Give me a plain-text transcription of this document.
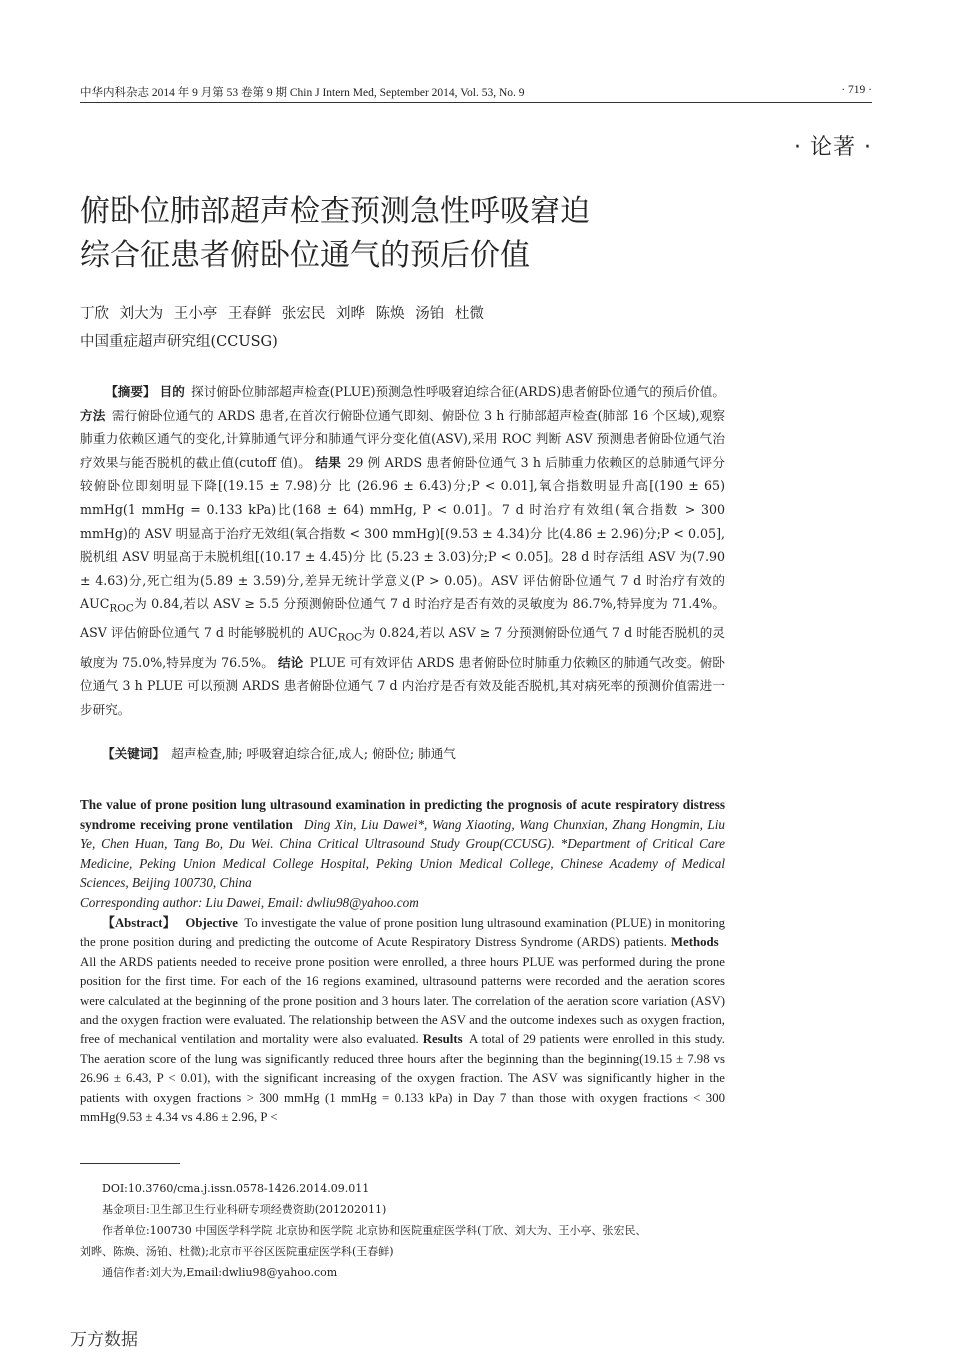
中华内科杂志 2014 年 9 月第 53 卷第 9 期 Chin J Intern Med, September 2014, Vol. 53, No. 9	· 719 ·
· 论著 ·
俯卧位肺部超声检查预测急性呼吸窘迫
综合征患者俯卧位通气的预后价值
丁欣 刘大为 王小亭 王春鲜 张宏民 刘晔 陈焕 汤铂 杜微
中国重症超声研究组(CCUSG)

  【摘要】 目的  探讨俯卧位肺部超声检查(PLUE)预测急性呼吸窘迫综合征(ARDS)患者俯卧位通气的预后价值。 方法  需行俯卧位通气的 ARDS 患者,在首次行俯卧位通气即刻、俯卧位 3 h 行肺部超声检查(肺部 16 个区域),观察肺重力依赖区通气的变化,计算肺通气评分和肺通气评分变化值(ASV),采用 ROC 判断 ASV 预测患者俯卧位通气治疗效果与能否脱机的截止值(cutoff 值)。 结果  29 例 ARDS 患者俯卧位通气 3 h 后肺重力依赖区的总肺通气评分较俯卧位即刻明显下降[(19.15 ± 7.98)分 比 (26.96 ± 6.43)分;P < 0.01],氧合指数明显升高[(190 ± 65) mmHg(1 mmHg = 0.133 kPa)比(168 ± 64) mmHg, P < 0.01]。7 d 时治疗有效组(氧合指数 > 300 mmHg)的 ASV 明显高于治疗无效组(氧合指数 < 300 mmHg)[(9.53 ± 4.34)分 比(4.86 ± 2.96)分;P < 0.05],脱机组 ASV 明显高于未脱机组[(10.17 ± 4.45)分 比 (5.23 ± 3.03)分;P < 0.05]。28 d 时存活组 ASV 为(7.90 ± 4.63)分,死亡组为(5.89 ± 3.59)分,差异无统计学意义(P > 0.05)。ASV 评估俯卧位通气 7 d 时治疗有效的 $AUC_{ROC}$为 0.84,若以 ASV ≥ 5.5 分预测俯卧位通气 7 d 时治疗是否有效的灵敏度为 86.7%,特异度为 71.4%。ASV 评估俯卧位通气 7 d 时能够脱机的 $AUC_{ROC}$为 0.824,若以 ASV ≥ 7 分预测俯卧位通气 7 d 时能否脱机的灵敏度为 75.0%,特异度为 76.5%。 结论  PLUE 可有效评估 ARDS 患者俯卧位时肺重力依赖区的肺通气改变。俯卧位通气 3 h PLUE 可以预测 ARDS 患者俯卧位通气 7 d 内治疗是否有效及能否脱机,其对病死率的预测价值需进一步研究。

【关键词】  超声检查,肺; 呼吸窘迫综合征,成人; 俯卧位; 肺通气
The value of prone position lung ultrasound examination in predicting the prognosis of acute respiratory distress syndrome receiving prone ventilation  Ding Xin, Liu Dawei*, Wang Xiaoting, Wang Chunxian, Zhang Hongmin, Liu Ye, Chen Huan, Tang Bo, Du Wei. China Critical Ultrasound Study Group(CCUSG). *Department of Critical Care Medicine, Peking Union Medical College Hospital, Peking Union Medical College, Chinese Academy of Medical Sciences, Beijing 100730, China
Corresponding author: Liu Dawei, Email: dwliu98@yahoo.com

【Abstract】  Objective  To investigate the value of prone position lung ultrasound examination (PLUE) in monitoring the prone position during and predicting the outcome of Acute Respiratory Distress Syndrome (ARDS) patients. Methods All the ARDS patients needed to receive prone position were enrolled, a three hours PLUE was performed during the prone position for the first time. For each of the 16 regions examined, ultrasound patterns were recorded and the aeration scores were calculated at the beginning of the prone position and 3 hours later. The correlation of the aeration score variation (ASV) and the oxygen fraction were evaluated. The relationship between the ASV and the outcome indexes such as oxygen fraction, free of mechanical ventilation and mortality were also evaluated. Results  A total of 29 patients were enrolled in this study. The aeration score of the lung was significantly reduced three hours after the beginning than the beginning(19.15 ± 7.98 vs 26.96 ± 6.43, P < 0.01), with the significant increasing of the oxygen fraction. The ASV was significantly higher in the patients with oxygen fractions > 300 mmHg (1 mmHg = 0.133 kPa) in Day 7 than those with oxygen fractions < 300 mmHg(9.53 ± 4.34 vs 4.86 ± 2.96, P <

DOI:10.3760/cma.j.issn.0578-1426.2014.09.011
基金项目:卫生部卫生行业科研专项经费资助(201202011)
作者单位:100730 中国医学科学院 北京协和医学院 北京协和医院重症医学科(丁欣、刘大为、王小亭、张宏民、
刘晔、陈焕、汤铂、杜微);北京市平谷区医院重症医学科(王春鲜)
通信作者:刘大为,Email:dwliu98@yahoo.com
万方数据
